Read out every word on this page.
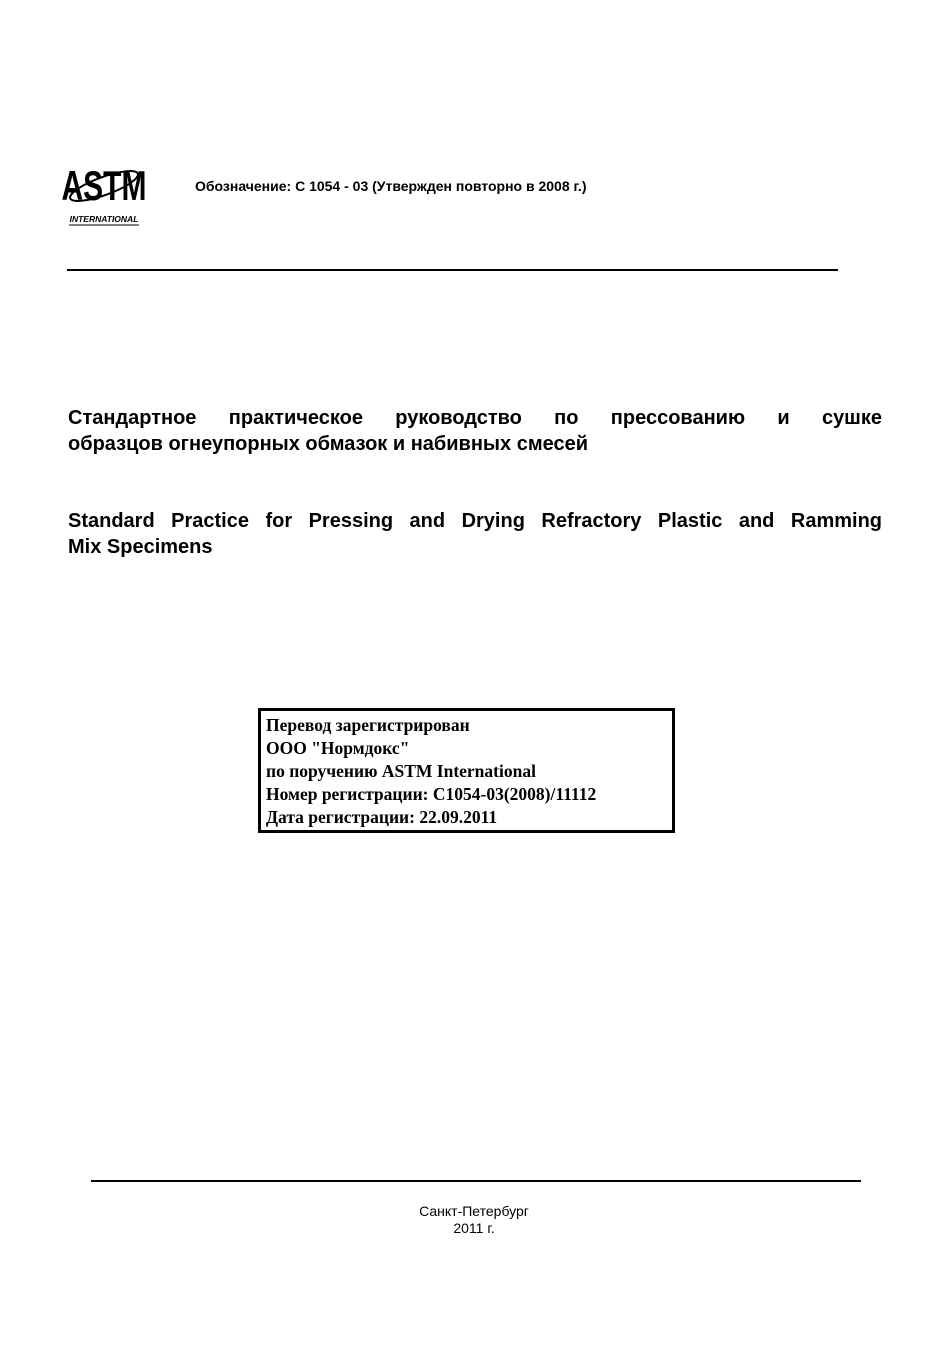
ASTM
INTERNATIONAL
Обозначение: C 1054 - 03 (Утвержден повторно в 2008 г.)
Стандартное практическое руководство по прессованию и сушке
образцов огнеупорных обмазок и набивных смесей
Standard Practice for Pressing and Drying Refractory Plastic and Ramming
Mix Specimens
Перевод зарегистрирован
ООО "Нормдокс"
по поручению ASTM International
Номер регистрации: C1054-03(2008)/11112
Дата регистрации: 22.09.2011
Санкт-Петербург
2011 г.
